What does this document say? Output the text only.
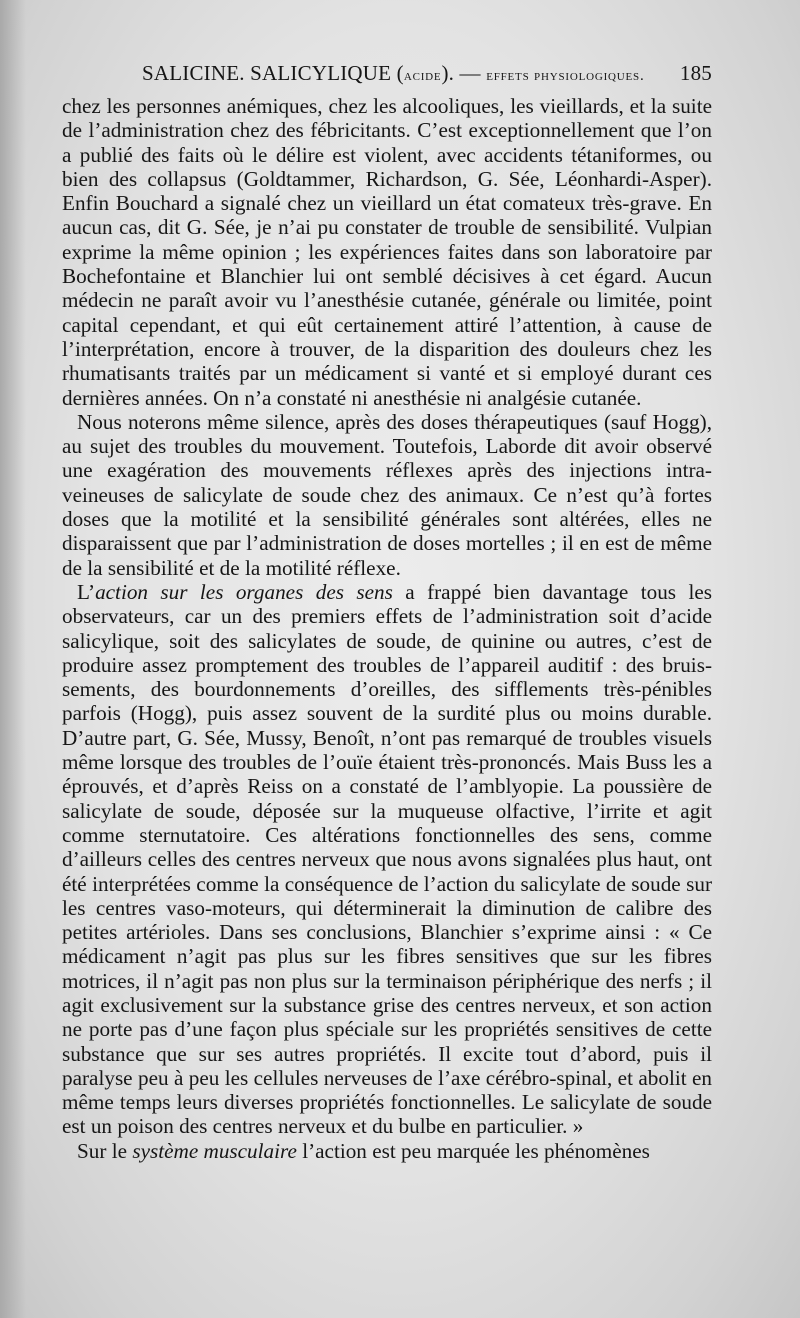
SALICINE. SALICYLIQUE (acide). — effets physiologiques. 185

chez les personnes anémiques, chez les alcooliques, les vieillards, et la suite de l’administration chez des fébricitants. C’est exceptionnellement que l’on a publié des faits où le délire est violent, avec accidents tétaniformes, ou bien des collapsus (Goldtammer, Richardson, G. Sée, Léonhardi-Asper). Enfin Bouchard a signalé chez un vieillard un état comateux très-grave. En aucun cas, dit G. Sée, je n’ai pu constater de trouble de sensibilité. Vulpian exprime la même opinion ; les expériences faites dans son laboratoire par Bochefontaine et Blanchier lui ont semblé décisives à cet égard. Aucun médecin ne paraît avoir vu l’anesthésie cutanée, générale ou limitée, point capital cependant, et qui eût certainement attiré l’attention, à cause de l’interprétation, encore à trouver, de la disparition des douleurs chez les rhumatisants traités par un médicament si vanté et si employé durant ces dernières années. On n’a constaté ni anesthésie ni analgésie cutanée.

Nous noterons même silence, après des doses thérapeutiques (sauf Hogg), au sujet des troubles du mouvement. Toutefois, Laborde dit avoir observé une exagération des mouvements réflexes après des injections intra-veineuses de salicylate de soude chez des animaux. Ce n’est qu’à fortes doses que la motilité et la sensibilité générales sont altérées, elles ne disparaissent que par l’administration de doses mortelles ; il en est de même de la sensibilité et de la motilité réflexe.

L’action sur les organes des sens a frappé bien davantage tous les observateurs, car un des premiers effets de l’administration soit d’acide salicylique, soit des salicylates de soude, de quinine ou autres, c’est de produire assez promptement des troubles de l’appareil auditif : des bruissements, des bourdonnements d’oreilles, des sifflements très-pénibles parfois (Hogg), puis assez souvent de la surdité plus ou moins durable. D’autre part, G. Sée, Mussy, Benoît, n’ont pas remarqué de troubles visuels même lorsque des troubles de l’ouïe étaient très-prononcés. Mais Buss les a éprouvés, et d’après Reiss on a constaté de l’amblyopie. La poussière de salicylate de soude, déposée sur la muqueuse olfactive, l’irrite et agit comme sternutatoire. Ces altérations fonctionnelles des sens, comme d’ailleurs celles des centres nerveux que nous avons signalées plus haut, ont été interprétées comme la conséquence de l’action du salicylate de soude sur les centres vaso-moteurs, qui déterminerait la diminution de calibre des petites artérioles. Dans ses conclusions, Blanchier s’exprime ainsi : « Ce médicament n’agit pas plus sur les fibres sensitives que sur les fibres motrices, il n’agit pas non plus sur la terminaison périphérique des nerfs ; il agit exclusivement sur la substance grise des centres nerveux, et son action ne porte pas d’une façon plus spéciale sur les propriétés sensitives de cette substance que sur ses autres propriétés. Il excite tout d’abord, puis il paralyse peu à peu les cellules nerveuses de l’axe cérébro-spinal, et abolit en même temps leurs diverses propriétés fonctionnelles. Le salicylate de soude est un poison des centres nerveux et du bulbe en particulier. »

Sur le système musculaire l’action est peu marquée les phénomènes
